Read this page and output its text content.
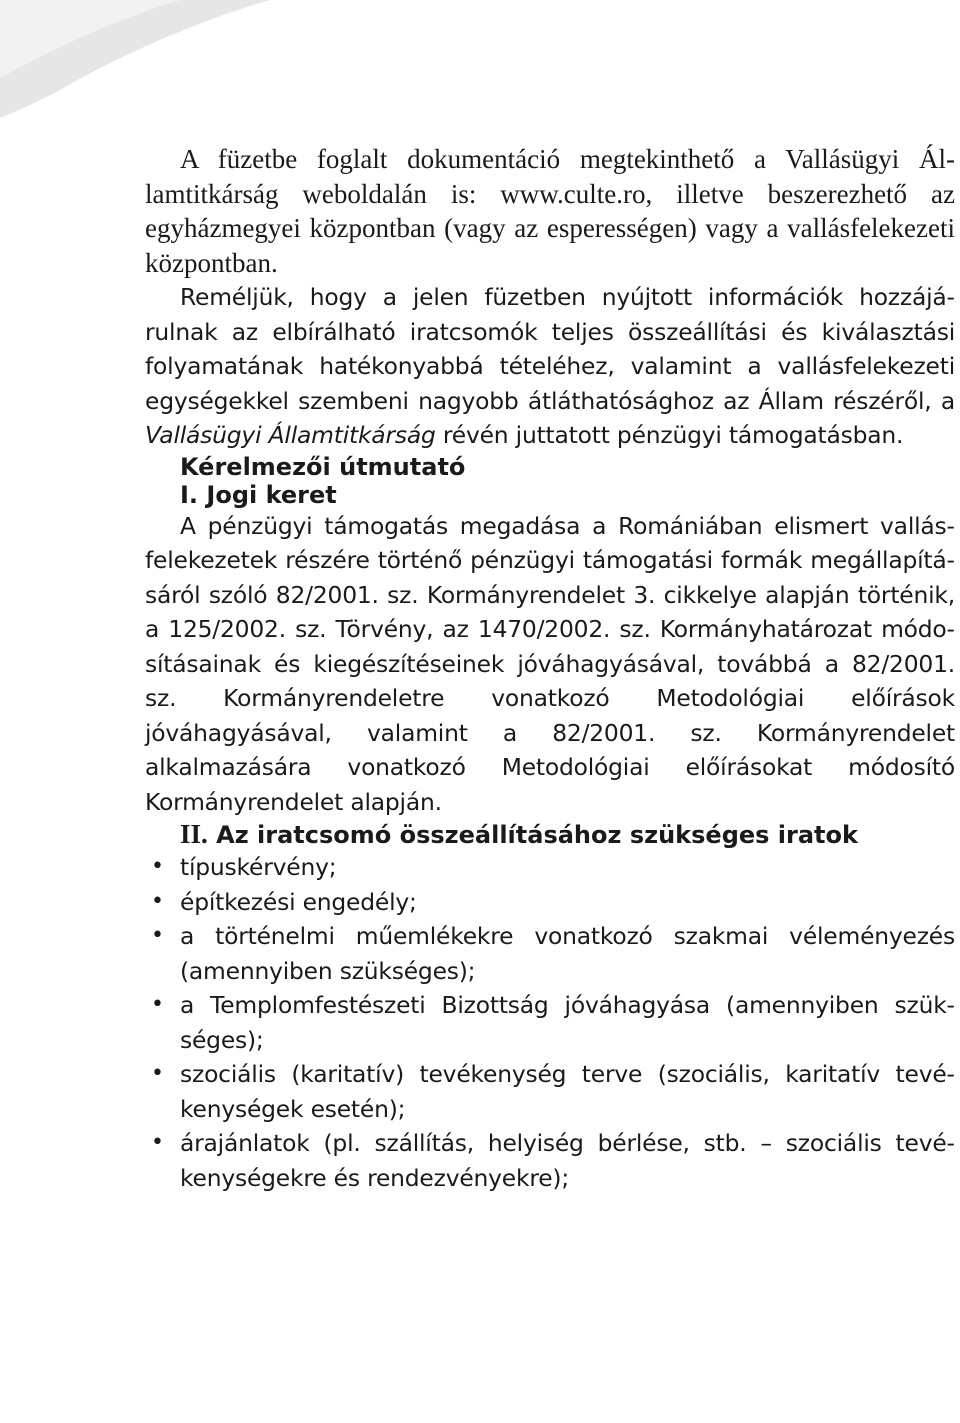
A füzetbe foglalt dokumentáció megtekinthető a Vallásügyi Államtitkárság weboldalán is: www.culte.ro, illetve beszerezhető az egyházmegyei központban (vagy az esperességen) vagy a vallásfelekezeti központban.

Reméljük, hogy a jelen füzetben nyújtott információk hozzájárulnak az elbírálható iratcsomók teljes összeállítási és kiválasztási folyamatának hatékonyabbá tételéhez, valamint a vallásfelekezeti egységekkel szembeni nagyobb átláthatósághoz az Állam részéről, a Vallásügyi Államtitkárság révén juttatott pénzügyi támogatásban.

Kérelmezői útmutató
I. Jogi keret

A pénzügyi támogatás megadása a Romániában elismert vallásfelekezetek részére történő pénzügyi támogatási formák megállapításáról szóló 82/2001. sz. Kormányrendelet 3. cikkelye alapján történik, a 125/2002. sz. Törvény, az 1470/2002. sz. Kormányhatározat módosításainak és kiegészítéseinek jóváhagyásával, továbbá a 82/2001. sz. Kormányrendeletre vonatkozó Metodológiai előírások jóváhagyásával, valamint a 82/2001. sz. Kormányrendelet alkalmazására vonatkozó Metodológiai előírásokat módosító Kormányrendelet alapján.

II. Az iratcsomó összeállításához szükséges iratok
• típuskérvény;
• építkezési engedély;
• a történelmi műemlékekre vonatkozó szakmai véleményezés (amennyiben szükséges);
• a Templomfestészeti Bizottság jóváhagyása (amennyiben szükséges);
• szociális (karitatív) tevékenység terve (szociális, karitatív tevékenységek esetén);
• árajánlatok (pl. szállítás, helyiség bérlése, stb. – szociális tevékenységekre és rendezvényekre);
